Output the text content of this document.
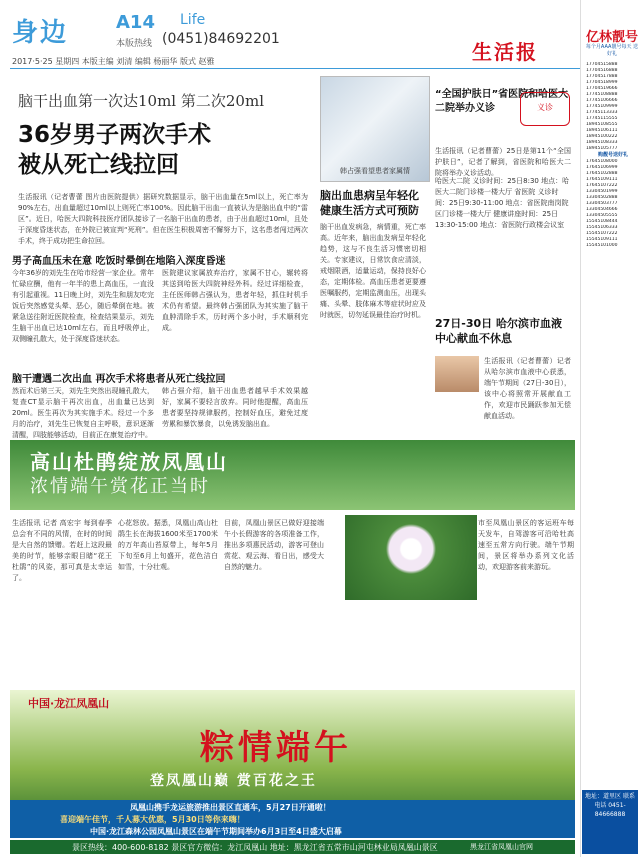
身边	A14 Life
本版热线 (0451)84692201
2017·5·25 星期四 本版主编 刘清 编辑 杨丽华 版式 赵雅	生活报
脑干出血第一次达10ml 第二次20ml
36岁男子两次手术
被从死亡线拉回	韩占强看望患者家属情
生活报讯（记者曹蕾 图片由医院提供）据研究数据显示，脑干出血量在5ml以上，死亡率为90%左右，出血量超过10ml以上则死亡率100%。因此脑干出血一直被认为是脑出血中的“雷区”。近日，哈医大四院科技医疗团队接诊了一名脑干出血的患者，由于出血超过10ml，且处于深度昏迷状态，在外院已被宣判“死刑”。但在医生积极周密不懈努力下，这名患者闯过两次手术，终于成功把生命拉回。
男子高血压未在意 吃饭时晕倒在地陷入深度昏迷
今年36岁的刘先生在哈市经营一家企业。常年忙碌应酬，他有一年半的患上高血压，一直没有引起重视。11日晚上时，刘先生和朋友吃完饭后突然感觉头晕、恶心，随后晕倒在地。被紧急送往附近医院检查，检查结果显示，刘先生脑干出血已达10ml左右，而且呼吸停止，双侧瞳孔散大，处于深度昏迷状态。
医院建议家属放弃治疗，家属不甘心，辗转将其送到哈医大四院神经外科。经过详细检查，主任医师韩占强认为，患者年轻，抓住时机手术仍有希望。最终韩占强团队为其实施了脑干血肿清除手术，历时两个多小时，手术顺利完成。
脑干遭遇二次出血 再次手术将患者从死亡线拉回
然而术后第三天，刘先生突然出现瞳孔散大，复查CT显示脑干再次出血，出血量已达到20ml。医生再次为其实施手术。经过一个多月的治疗，刘先生已恢复自主呼吸，意识逐渐清醒，四肢能够活动，目前正在康复治疗中。
韩占强介绍，脑干出血患者越早手术效果越好，家属不要轻言放弃。同时他提醒，高血压患者要坚持规律服药，控制好血压，避免过度劳累和暴饮暴食，以免诱发脑出血。
脑出血患病呈年轻化 健康生活方式可预防
脑干出血发病急，病情重，死亡率高。近年来，脑出血发病呈年轻化趋势，这与不良生活习惯密切相关。专家建议，日常饮食应清淡，戒烟限酒，适量运动，保持良好心态，定期体检。高血压患者更要遵医嘱服药，定期监测血压，出现头痛、头晕、肢体麻木等症状时应及时就医，切勿延误最佳治疗时机。
“全国护肤日”省医院和哈医大二院举办义诊	义诊
生活报讯（记者曹蕾）25日是第11个“全国护肤日”，记者了解到，省医院和哈医大二院将举办义诊活动。
哈医大二院 义诊时间：25日8:30 地点：哈医大二院门诊楼一楼大厅 省医院 义诊时间：25日9:30-11:00 地点：省医院南岗院区门诊楼一楼大厅 健康讲座时间：25日13:30-15:00 地点：省医院行政楼会议室
27日-30日 哈尔滨市血液中心献血不休息
生活报讯（记者曹蕾）记者从哈尔滨市血液中心获悉，端午节期间（27日-30日），该中心将照常开展献血工作，欢迎市民踊跃参加无偿献血活动。
高山杜鹃绽放凤凰山
浓情端午赏花正当时
生活报讯 记者 高宏宇 每到春季总会有不同的风情，在时的时间是大自然的馈赠。若赶上这段最美的时节，能够亲眼目睹“花王杜鹃”的风姿，那可真是太幸运了。
心花怒放。据悉，凤凰山高山杜鹃生长在海拔1600米至1700米的万年高山苔原带上，每年5月下旬至6月上旬盛开，花色洁白如雪，十分壮观。
目前，凤凰山景区已做好迎接端午小长假游客的各项准备工作，推出多项惠民活动，游客可登山赏花、观云海、看日出，感受大自然的魅力。
市至凤凰山景区的客运班车每天发车，自驾游客可沿哈牡高速至五常方向行驶。端午节期间，景区将举办系列文化活动，欢迎游客前来游玩。
中国·龙江凤凰山
粽情端午
登凤凰山巅 赏百花之王
凤凰山携手龙运旅游推出景区直通车，5月27日开通啦！
喜迎端午佳节，千人募大优惠，5月30日等你来嗨！
中国·龙江森林公园凤凰山景区在端午节期间举办6月3日至4日盛大启幕
景区热线：400-600-8182 景区官方微信：龙江凤凰山 地址：黑龙江省五常市山河屯林业局凤凰山景区	黑龙江省凤凰山官网
亿林靓号
每个月AAA靓号每天 送好礼
17704515888
17704516888
17704517888
17704518999
17704519666
17745108888
17745106666
17745109999
17745113333
17745115555
18945108555
18945106111
18945100222
18945108333
18945105777
购靓号送好礼
17645108000
17645106999
17645102888
17645109111
17645107222
13304501999
13304502888
13304503777
13304504666
13304505555
15545108444
15545106333
15545107222
15545109111
15545101000
地址：道里区 联系电话 0451-84666888
